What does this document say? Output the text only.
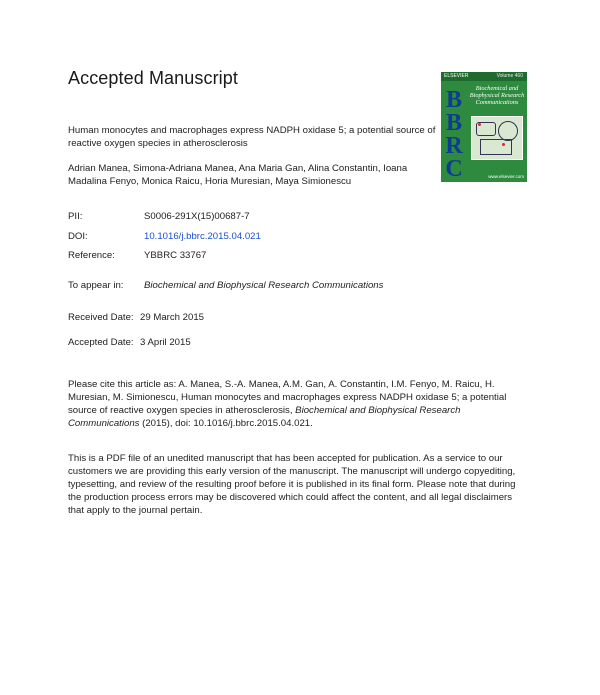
Accepted Manuscript	ELSEVIER	Volume 460
B
B
R
C
Biochemical and Biophysical Research Communications
www.elsevier.com
Human monocytes and macrophages express NADPH oxidase 5; a potential source of reactive oxygen species in atherosclerosis
Adrian Manea, Simona-Adriana Manea, Ana Maria Gan, Alina Constantin, Ioana Madalina Fenyo, Monica Raicu, Horia Muresian, Maya Simionescu
PII:	S0006-291X(15)00687-7
DOI:	10.1016/j.bbrc.2015.04.021
Reference:	YBBRC 33767
To appear in: Biochemical and Biophysical Research Communications
Received Date: 29 March 2015
Accepted Date: 3 April 2015
Please cite this article as: A. Manea, S.-A. Manea, A.M. Gan, A. Constantin, I.M. Fenyo, M. Raicu, H. Muresian, M. Simionescu, Human monocytes and macrophages express NADPH oxidase 5; a potential source of reactive oxygen species in atherosclerosis, Biochemical and Biophysical Research Communications (2015), doi: 10.1016/j.bbrc.2015.04.021.
This is a PDF file of an unedited manuscript that has been accepted for publication. As a service to our customers we are providing this early version of the manuscript. The manuscript will undergo copyediting, typesetting, and review of the resulting proof before it is published in its final form. Please note that during the production process errors may be discovered which could affect the content, and all legal disclaimers that apply to the journal pertain.
